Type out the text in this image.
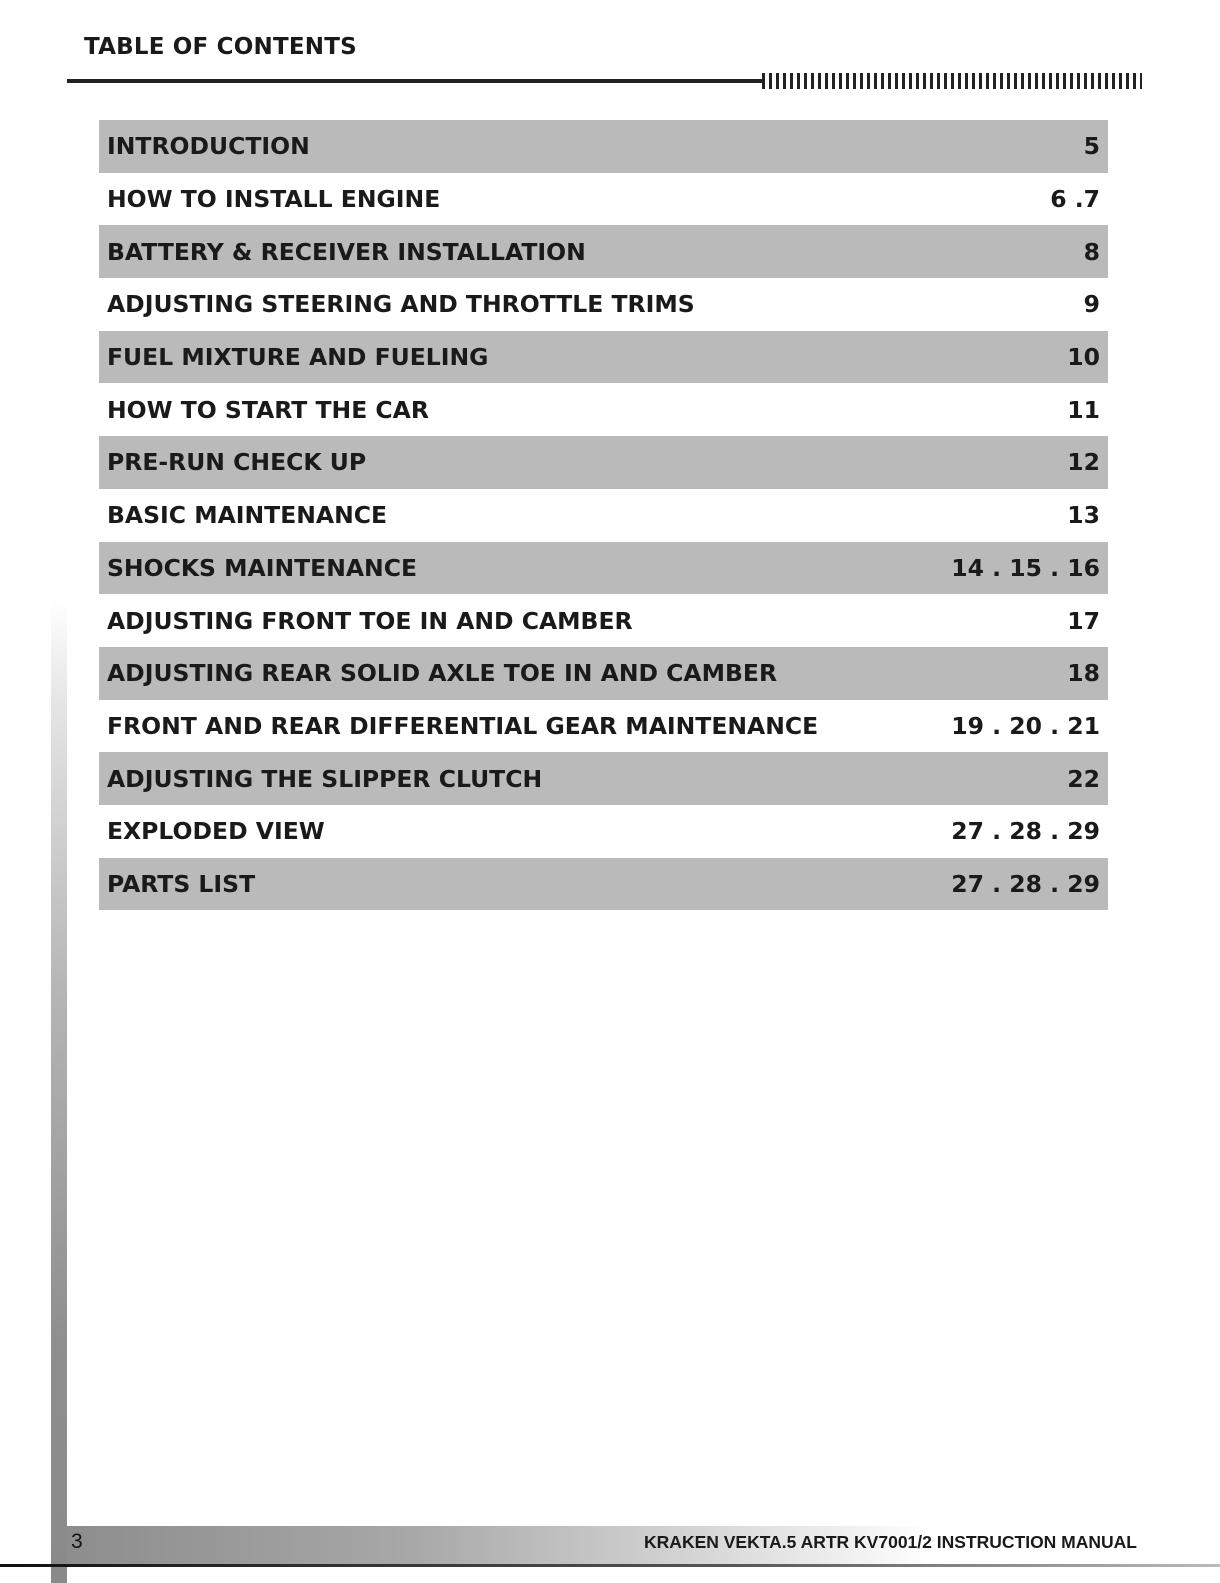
TABLE OF CONTENTS
INTRODUCTION	5
HOW TO INSTALL ENGINE	6 .7
BATTERY & RECEIVER INSTALLATION	8
ADJUSTING STEERING AND THROTTLE TRIMS	9
FUEL MIXTURE AND FUELING	10
HOW TO START THE CAR	11
PRE-RUN CHECK UP	12
BASIC MAINTENANCE	13
SHOCKS MAINTENANCE	14 . 15 . 16
ADJUSTING FRONT TOE IN AND CAMBER	17
ADJUSTING REAR SOLID AXLE TOE IN AND CAMBER	18
FRONT AND REAR DIFFERENTIAL GEAR MAINTENANCE	19 . 20 . 21
ADJUSTING THE SLIPPER CLUTCH	22
EXPLODED VIEW	27 . 28 . 29
PARTS LIST	27 . 28 . 29
3	KRAKEN VEKTA.5 ARTR KV7001/2 INSTRUCTION MANUAL
